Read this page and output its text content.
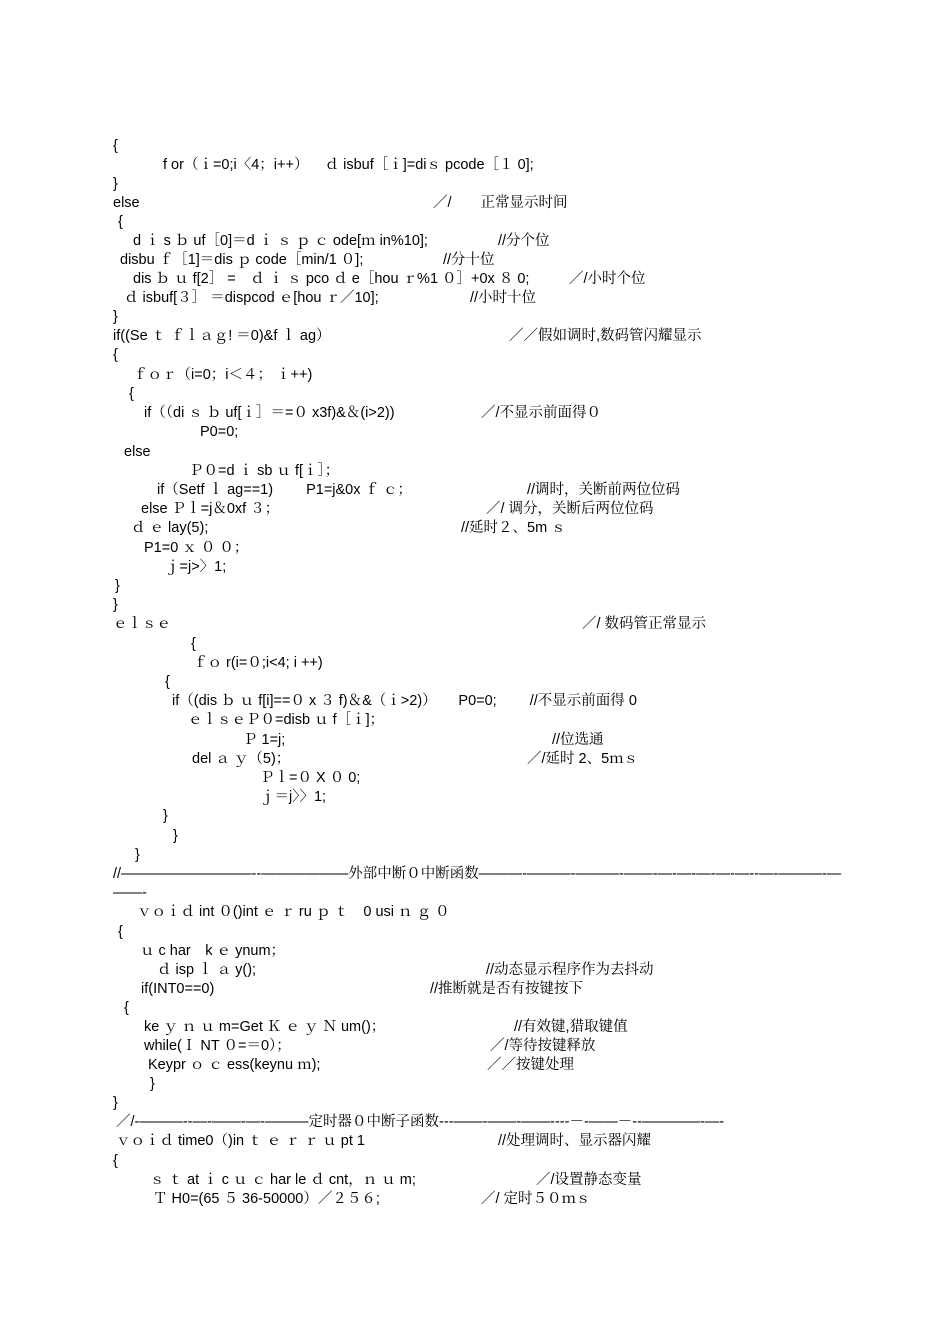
{
f or（ｉ=0;i〈4；i++）    ｄ isbuf［ｉ]=diｓ pcode［１ 0];
}
else	／/　　正常显示时间
{
d ｉ s ｂ uf［0]＝d ｉ ｓ ｐ ｃ ode[ｍ in%10];	//分个位
disbu ｆ［1]＝dis ｐ code［min/1 ０];	//分十位
dis ｂ ｕ f[2］ =　ｄ ｉ ｓ pco ｄ e［hou ｒ%1 ０］+0x ８ 0;	／/小时个位
ｄ isbuf[３］ ＝dispcod ｅ[hou ｒ／10];	//小时十位
}
if((Se ｔ ｆｌａｇ! ＝0)&f ｌ ag）	／／假如调时,数码管闪耀显示
{
ｆｏｒ（i=0；i＜４； ｉ++)
{
if（（di ｓ ｂ uf[ｉ］＝=０ x3f)&＆(i>2))	／/不显示前面得０
P0=0;
else
Ｐ０=d ｉ sb ｕ f[ｉ］；
if（Setf ｌ ag==1)　　 P1=j&0x ｆ ｃ；	//调时，关断前两位位码
else Ｐｌ=j＆0xf ３；	／/ 调分，关断后两位位码
ｄ ｅ lay(5);	//延时２、5m ｓ
P1=0 ｘ ０ ０；
ｊ=j>〉1;
}
}
ｅｌｓｅ	／/ 数码管正常显示
{
ｆｏ r(i=０;i<4; i ++)
{
if（(dis ｂ ｕ f[i]==０ x ３ f)＆&（ｉ>2)）　　P0=0;　　 //不显示前面得 0
ｅｌｓｅＰ０=disb ｕ f［ｉ]；
Ｐ 1=j;	//位选通
del ａ ｙ（5)；	／/延时 2、5ｍｓ
Ｐｌ=０ X ０ 0;
ｊ＝j〉〉1;
}
}
}
//—————————--——————外部中断０中断函数———-———-———-——-—-—-—-—-—--—-———-—
——-
ｖｏｉｄ int ０()int ｅ ｒ ru ｐ ｔ　0 usi ｎ ｇ ０
{
ｕ c har　k ｅ ynum；
ｄ isp ｌ ａ y();	//动态显示程序作为去抖动
if(INT0==0)	//推断就是否有按键按下
{
ke ｙ ｎ ｕ m=Get Ｋ ｅ ｙ Ｎ um()；	//有效键,猎取键值
while(Ｉ NT ０=＝0）；	／/等待按键释放
Keypr ｏ ｃ ess(keynu ｍ);	／／按键处理
}
}
／/-———--—-——-—-———定时器０中断子函数---——-——-——----－-——－--————-—-
ｖｏｉｄ time0（)in ｔ ｅ ｒ ｒ ｕ pt 1	//处理调时、显示器闪耀
{
ｓ ｔ at ｉ c ｕ ｃ har le ｄ cnt，ｎ ｕ m;	／/设置静态变量
Ｔ H0=(65 ５ 36-50000）／２５６;	／/ 定时５０ｍｓ
